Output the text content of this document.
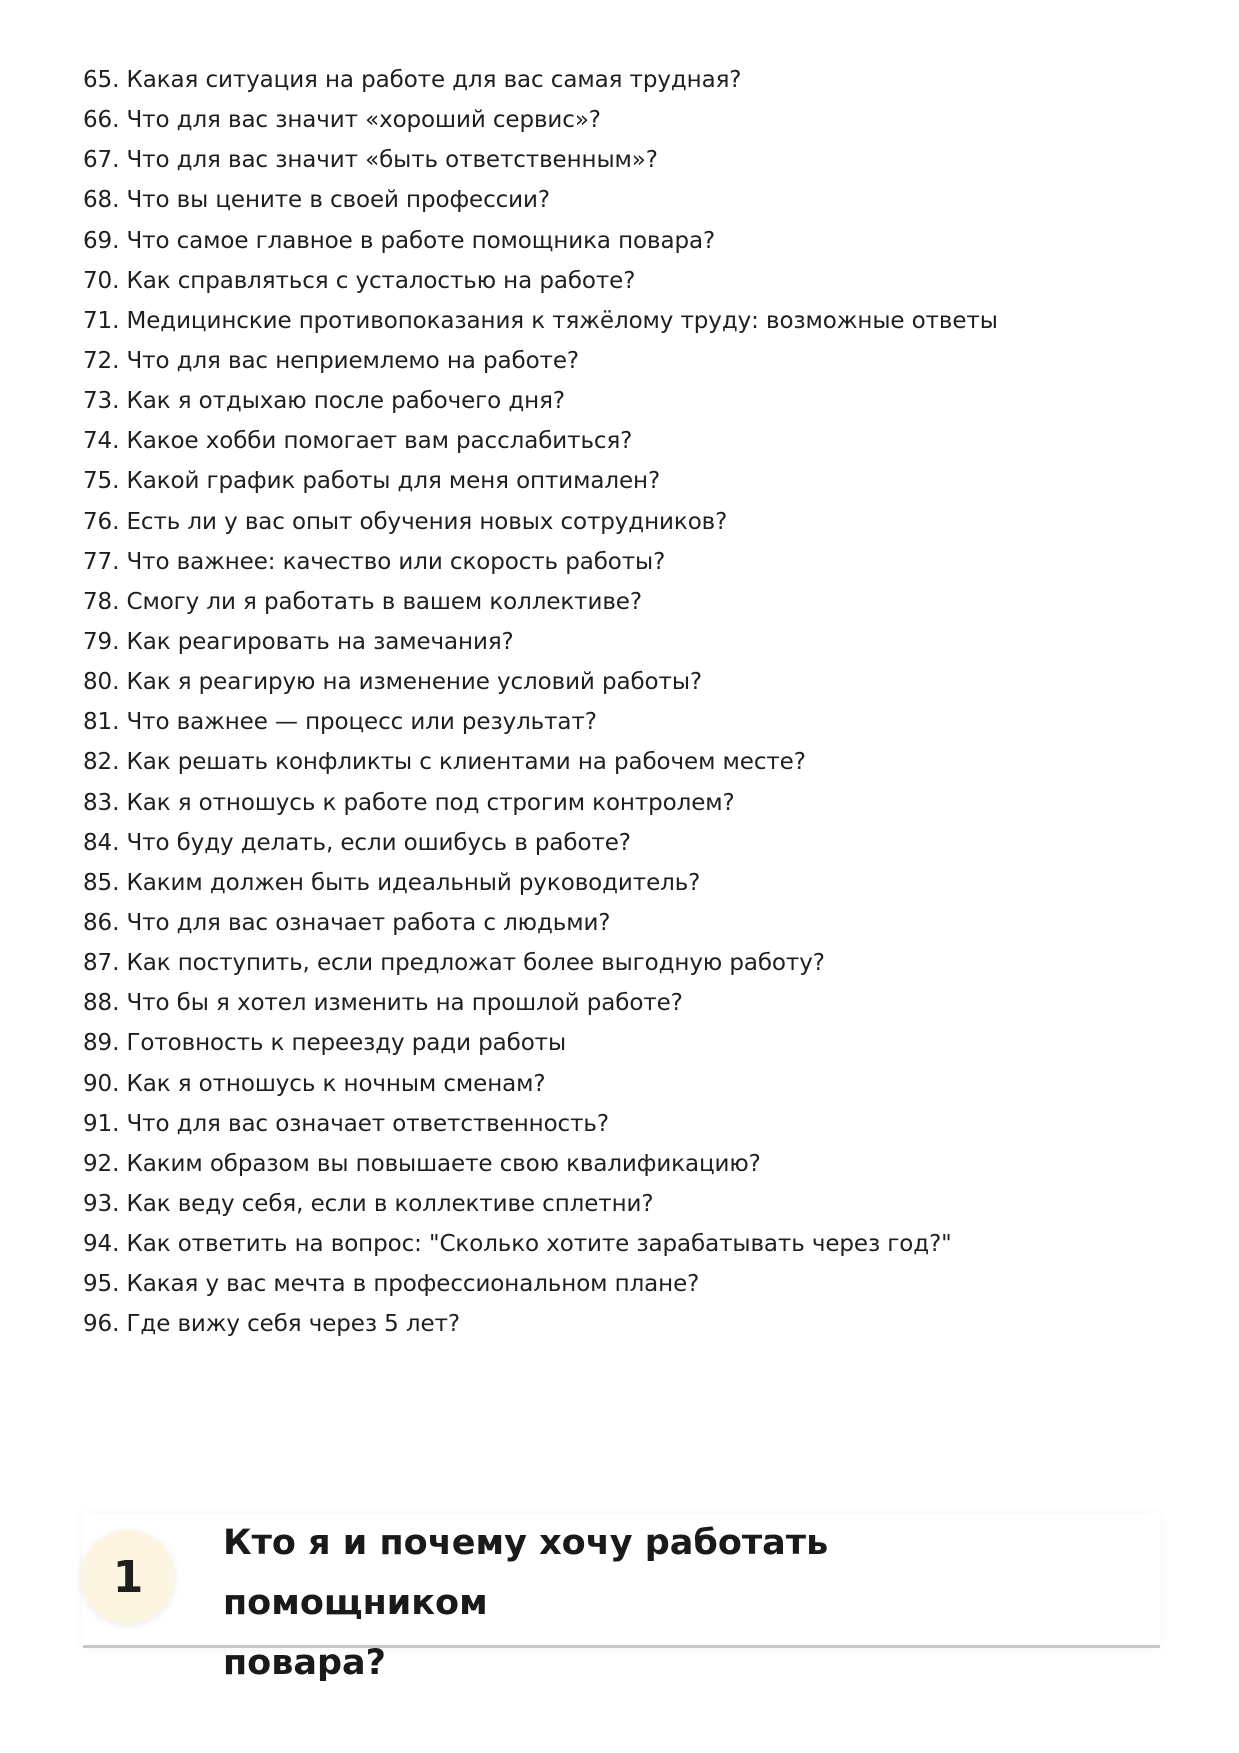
65. Какая ситуация на работе для вас самая трудная?
66. Что для вас значит «хороший сервис»?
67. Что для вас значит «быть ответственным»?
68. Что вы цените в своей профессии?
69. Что самое главное в работе помощника повара?
70. Как справляться с усталостью на работе?
71. Медицинские противопоказания к тяжёлому труду: возможные ответы
72. Что для вас неприемлемо на работе?
73. Как я отдыхаю после рабочего дня?
74. Какое хобби помогает вам расслабиться?
75. Какой график работы для меня оптимален?
76. Есть ли у вас опыт обучения новых сотрудников?
77. Что важнее: качество или скорость работы?
78. Смогу ли я работать в вашем коллективе?
79. Как реагировать на замечания?
80. Как я реагирую на изменение условий работы?
81. Что важнее — процесс или результат?
82. Как решать конфликты с клиентами на рабочем месте?
83. Как я отношусь к работе под строгим контролем?
84. Что буду делать, если ошибусь в работе?
85. Каким должен быть идеальный руководитель?
86. Что для вас означает работа с людьми?
87. Как поступить, если предложат более выгодную работу?
88. Что бы я хотел изменить на прошлой работе?
89. Готовность к переезду ради работы
90. Как я отношусь к ночным сменам?
91. Что для вас означает ответственность?
92. Каким образом вы повышаете свою квалификацию?
93. Как веду себя, если в коллективе сплетни?
94. Как ответить на вопрос: "Сколько хотите зарабатывать через год?"
95. Какая у вас мечта в профессиональном плане?
96. Где вижу себя через 5 лет?
1
Кто я и почему хочу работать помощником
повара?
